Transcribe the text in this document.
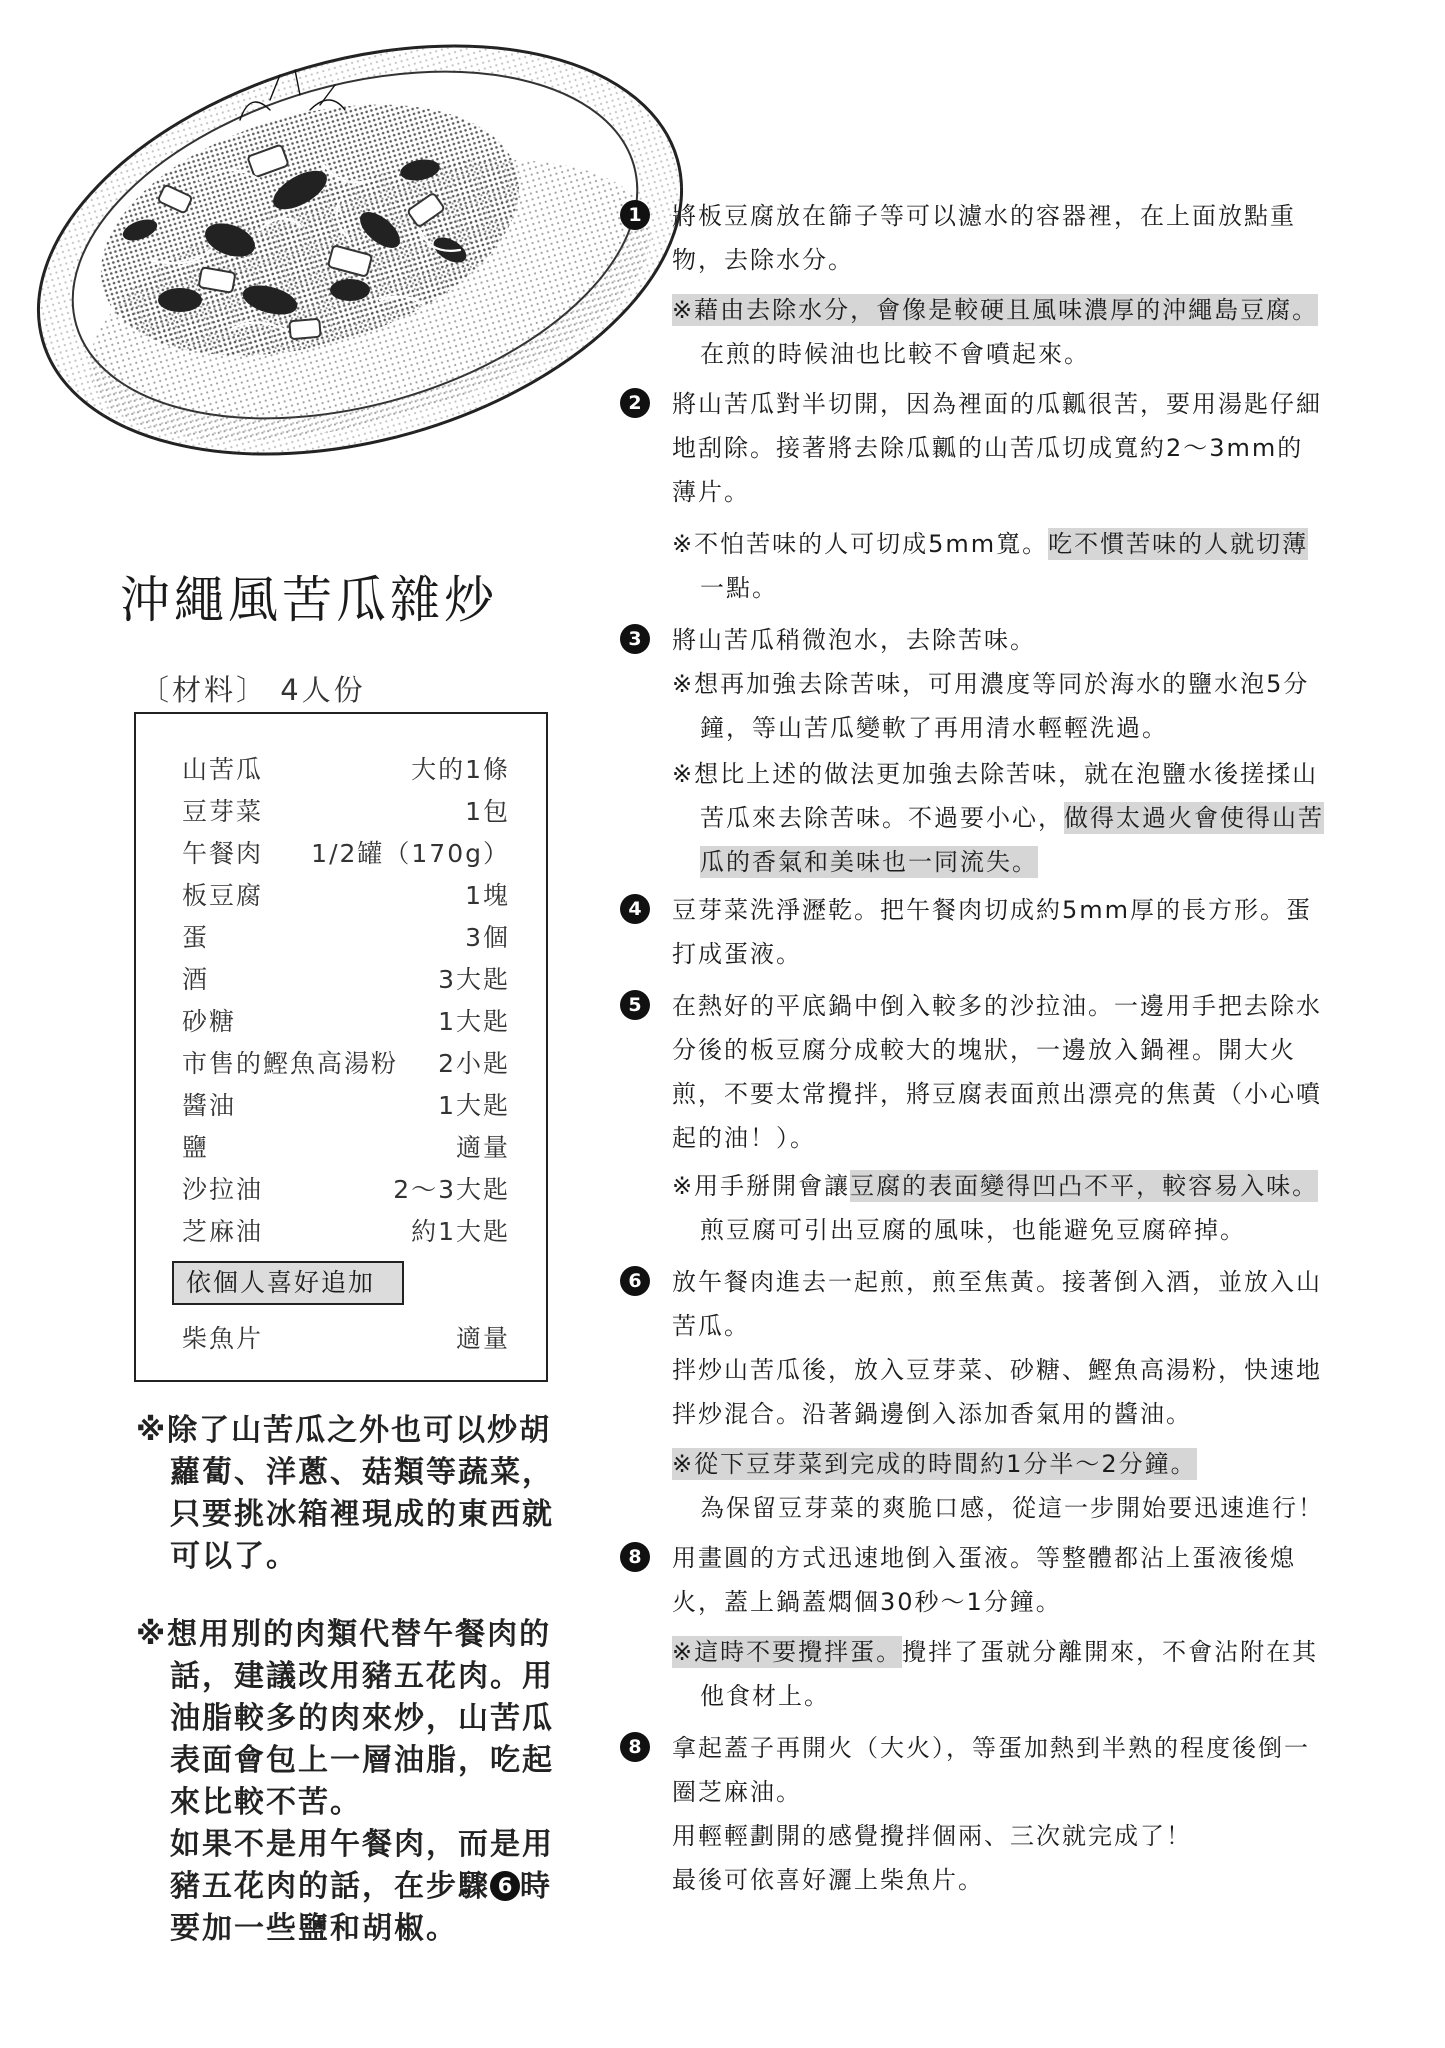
沖繩風苦瓜雜炒
〔材料〕 4人份
依個人喜好追加
山苦瓜	大的1條
豆芽菜	1包
午餐肉 1/2罐（170g）
板豆腐	1塊
蛋	3個
酒	3大匙
砂糖	1大匙
市售的鰹魚高湯粉 2小匙
醬油	1大匙
鹽	適量
沙拉油	2〜3大匙
芝麻油	約1大匙
柴魚片	適量
※除了山苦瓜之外也可以炒胡
蘿蔔、洋蔥、菇類等蔬菜，
只要挑冰箱裡現成的東西就
可以了。
※想用別的肉類代替午餐肉的
話，建議改用豬五花肉。用
油脂較多的肉來炒，山苦瓜
表面會包上一層油脂，吃起
來比較不苦。
如果不是用午餐肉，而是用
豬五花肉的話，在步驟 6 時
要加一些鹽和胡椒。
1	將板豆腐放在篩子等可以濾水的容器裡，在上面放點重
物，去除水分。
※藉由去除水分，會像是較硬且風味濃厚的沖繩島豆腐。
在煎的時候油也比較不會噴起來。
2	將山苦瓜對半切開，因為裡面的瓜瓤很苦，要用湯匙仔細
地刮除。接著將去除瓜瓤的山苦瓜切成寬約2〜3mm的
薄片。
※不怕苦味的人可切成5mm寬。吃不慣苦味的人就切薄
一點。
3	將山苦瓜稍微泡水，去除苦味。
※想再加強去除苦味，可用濃度等同於海水的鹽水泡5分
鐘，等山苦瓜變軟了再用清水輕輕洗過。
※想比上述的做法更加強去除苦味，就在泡鹽水後搓揉山
苦瓜來去除苦味。不過要小心，做得太過火會使得山苦
瓜的香氣和美味也一同流失。
4	豆芽菜洗淨瀝乾。把午餐肉切成約5mm厚的長方形。蛋
打成蛋液。
5	在熱好的平底鍋中倒入較多的沙拉油。一邊用手把去除水
分後的板豆腐分成較大的塊狀，一邊放入鍋裡。開大火
煎，不要太常攪拌，將豆腐表面煎出漂亮的焦黃（小心噴
起的油！）。
※用手掰開會讓豆腐的表面變得凹凸不平，較容易入味。
煎豆腐可引出豆腐的風味，也能避免豆腐碎掉。
6	放午餐肉進去一起煎，煎至焦黃。接著倒入酒，並放入山
苦瓜。
拌炒山苦瓜後，放入豆芽菜、砂糖、鰹魚高湯粉，快速地
拌炒混合。沿著鍋邊倒入添加香氣用的醬油。
※從下豆芽菜到完成的時間約1分半〜2分鐘。
為保留豆芽菜的爽脆口感，從這一步開始要迅速進行！
8	用畫圓的方式迅速地倒入蛋液。等整體都沾上蛋液後熄
火，蓋上鍋蓋燜個30秒〜1分鐘。
※這時不要攪拌蛋。攪拌了蛋就分離開來，不會沾附在其
他食材上。
8	拿起蓋子再開火（大火），等蛋加熱到半熟的程度後倒一
圈芝麻油。
用輕輕劃開的感覺攪拌個兩、三次就完成了！
最後可依喜好灑上柴魚片。
